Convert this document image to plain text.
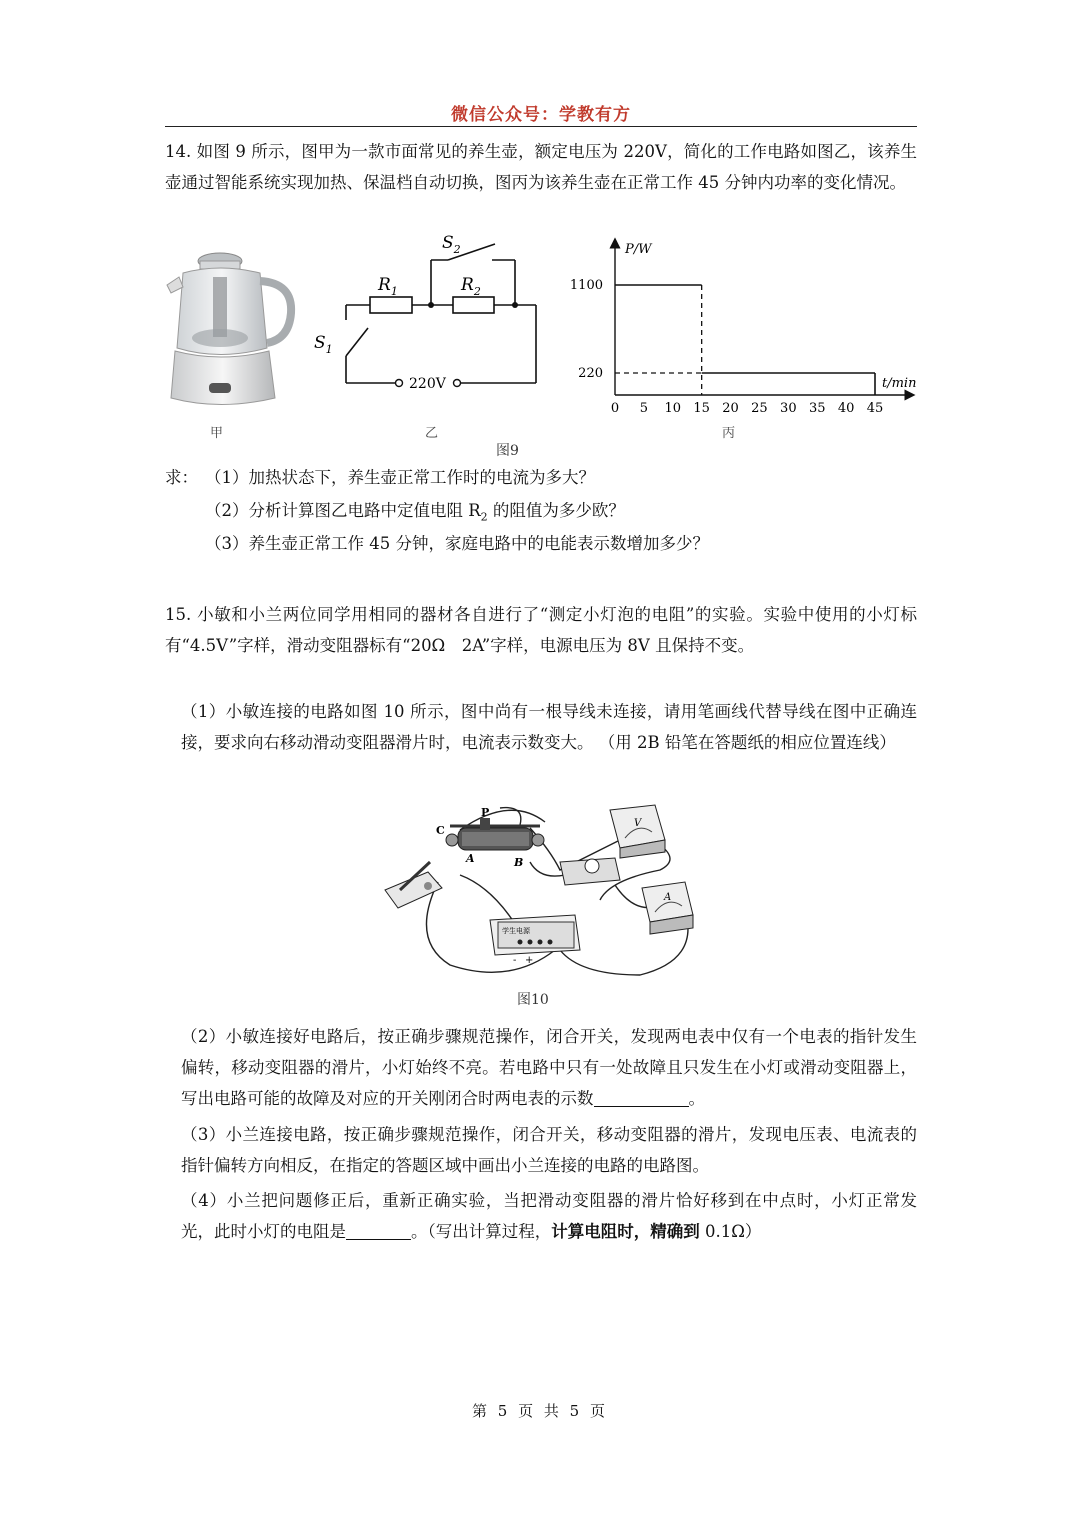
微信公众号：学教有方
14. 如图 9 所示，图甲为一款市面常见的养生壶，额定电压为 220V，简化的工作电路如图乙，该养生壶通过智能系统实现加热、保温档自动切换，图丙为该养生壶在正常工作 45 分钟内功率的变化情况。
甲
$S_2$
$R_1$	$R_2$
$S_1$
220V
乙
图9
P/W
t/min
0 5 10 15 20 25 30 35 40 45
220
1100
丙
求： （1）加热状态下，养生壶正常工作时的电流为多大？
（2）分析计算图乙电路中定值电阻 $R_2$ 的阻值为多少欧？
（3）养生壶正常工作 45 分钟，家庭电路中的电能表示数增加多少？
15. 小敏和小兰两位同学用相同的器材各自进行了“测定小灯泡的电阻”的实验。实验中使用的小灯标有“4.5V”字样，滑动变阻器标有“20Ω　2A”字样，电源电压为 8V 且保持不变。
（1）小敏连接的电路如图 10 所示，图中尚有一根导线未连接，请用笔画线代替导线在图中正确连接，要求向右移动滑动变阻器滑片时，电流表示数变大。 （用 2B 铅笔在答题纸的相应位置连线）
C
P
A	B
V
A
学生电源
- +
图10
（2）小敏连接好电路后，按正确步骤规范操作，闭合开关，发现两电表中仅有一个电表的指针发生偏转，移动变阻器的滑片，小灯始终不亮。若电路中只有一处故障且只发生在小灯或滑动变阻器上，写出电路可能的故障及对应的开关刚闭合时两电表的示数	。
（3）小兰连接电路，按正确步骤规范操作，闭合开关，移动变阻器的滑片，发现电压表、电流表的指针偏转方向相反，在指定的答题区域中画出小兰连接的电路的电路图。
（4）小兰把问题修正后，重新正确实验，当把滑动变阻器的滑片恰好移到在中点时，小灯正常发光，此时小灯的电阻是	。（写出计算过程，计算电阻时，精确到 0.1Ω）
第 5 页 共 5 页
